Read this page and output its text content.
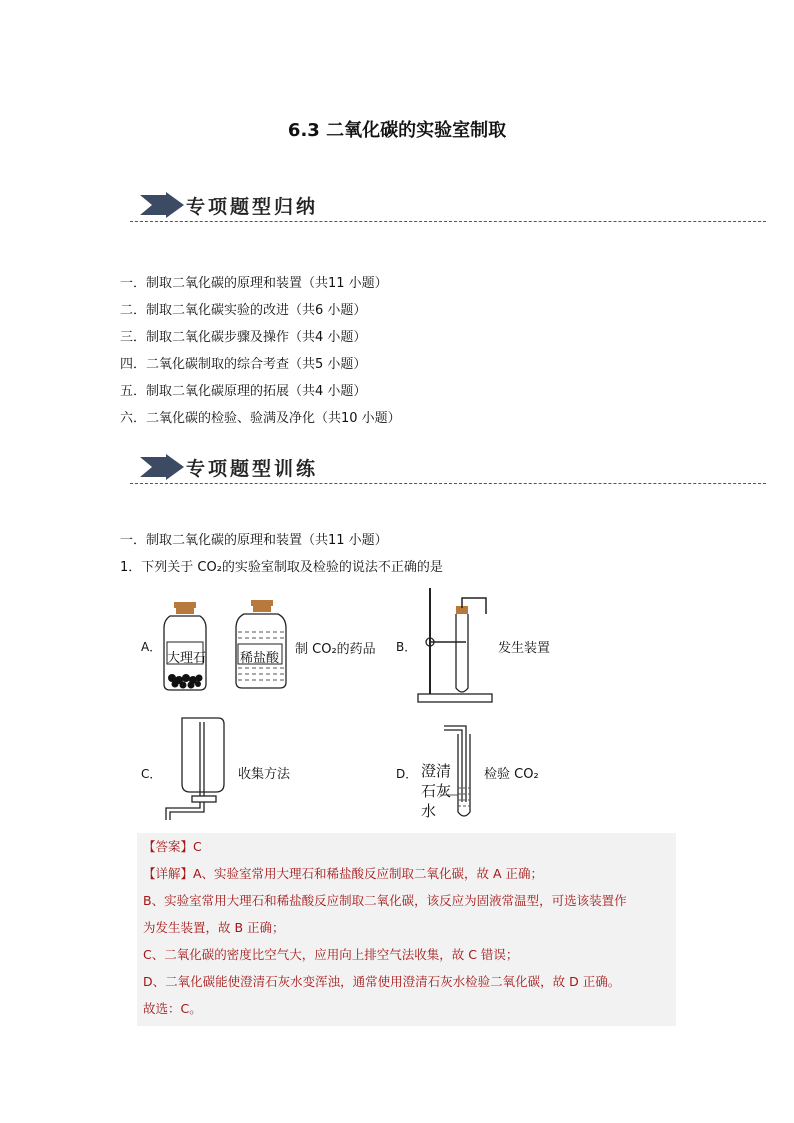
6.3 二氧化碳的实验室制取
专项题型归纳
一．制取二氧化碳的原理和装置（共11 小题）
二．制取二氧化碳实验的改进（共6 小题）
三．制取二氧化碳步骤及操作（共4 小题）
四．二氧化碳制取的综合考查（共5 小题）
五．制取二氧化碳原理的拓展（共4 小题）
六．二氧化碳的检验、验满及净化（共10 小题）
专项题型训练
一．制取二氧化碳的原理和装置（共11 小题）
1．下列关于 CO₂的实验室制取及检验的说法不正确的是
A．
大理石	稀盐酸
制 CO₂的药品 B．	发生装置
C．	收集方法	D． 澄清
石灰
水
检验 CO₂
【答案】C
【详解】A、实验室常用大理石和稀盐酸反应制取二氧化碳，故 A 正确；
B、实验室常用大理石和稀盐酸反应制取二氧化碳，该反应为固液常温型，可选该装置作
为发生装置，故 B 正确；
C、二氧化碳的密度比空气大，应用向上排空气法收集，故 C 错误；
D、二氧化碳能使澄清石灰水变浑浊，通常使用澄清石灰水检验二氧化碳，故 D 正确。
故选：C。
